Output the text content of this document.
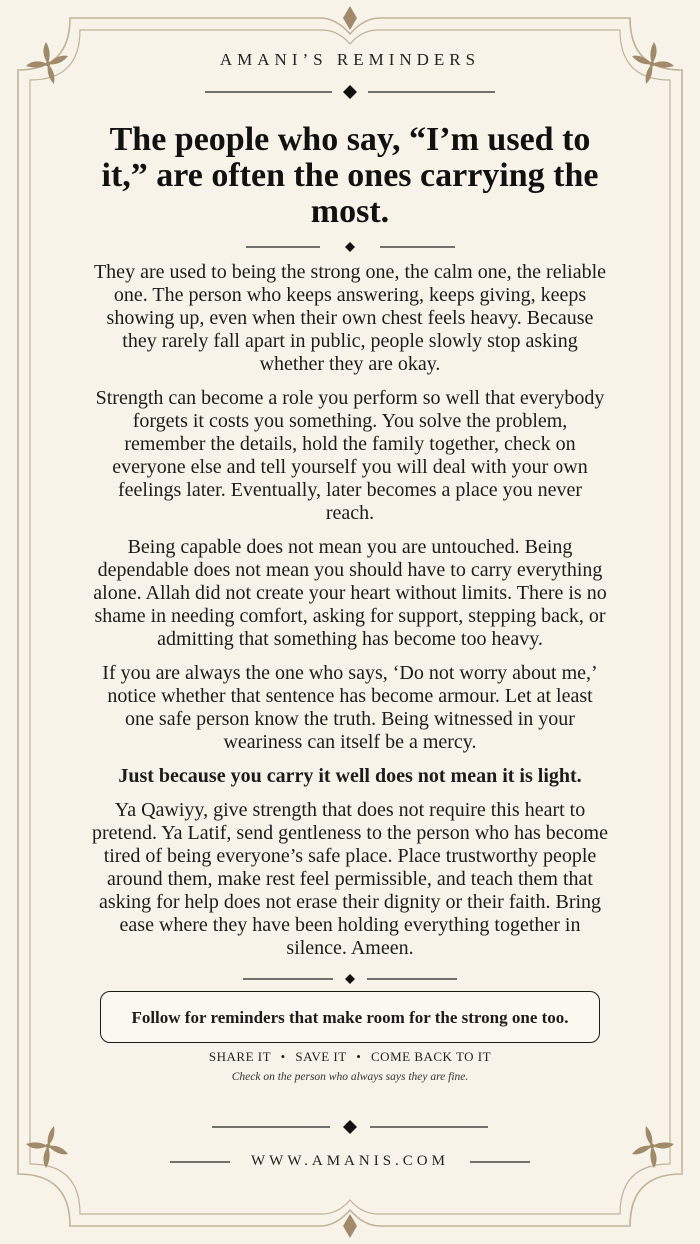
AMANI’S REMINDERS
The people who say, “I’m used to it,” are often the ones carrying the most.

They are used to being the strong one, the calm one, the reliable one. The person who keeps answering, keeps giving, keeps showing up, even when their own chest feels heavy. Because they rarely fall apart in public, people slowly stop asking whether they are okay.

Strength can become a role you perform so well that everybody forgets it costs you something. You solve the problem, remember the details, hold the family together, check on everyone else and tell yourself you will deal with your own feelings later. Eventually, later becomes a place you never reach.

Being capable does not mean you are untouched. Being dependable does not mean you should have to carry everything alone. Allah did not create your heart without limits. There is no shame in needing comfort, asking for support, stepping back, or admitting that something has become too heavy.

If you are always the one who says, ‘Do not worry about me,’ notice whether that sentence has become armour. Let at least one safe person know the truth. Being witnessed in your weariness can itself be a mercy.

Just because you carry it well does not mean it is light.

Ya Qawiyy, give strength that does not require this heart to pretend. Ya Latif, send gentleness to the person who has become tired of being everyone’s safe place. Place trustworthy people around them, make rest feel permissible, and teach them that asking for help does not erase their dignity or their faith. Bring ease where they have been holding everything together in silence. Ameen.

Follow for reminders that make room for the strong one too.
SHARE IT • SAVE IT • COME BACK TO IT
Check on the person who always says they are fine.
WWW.AMANIS.COM
